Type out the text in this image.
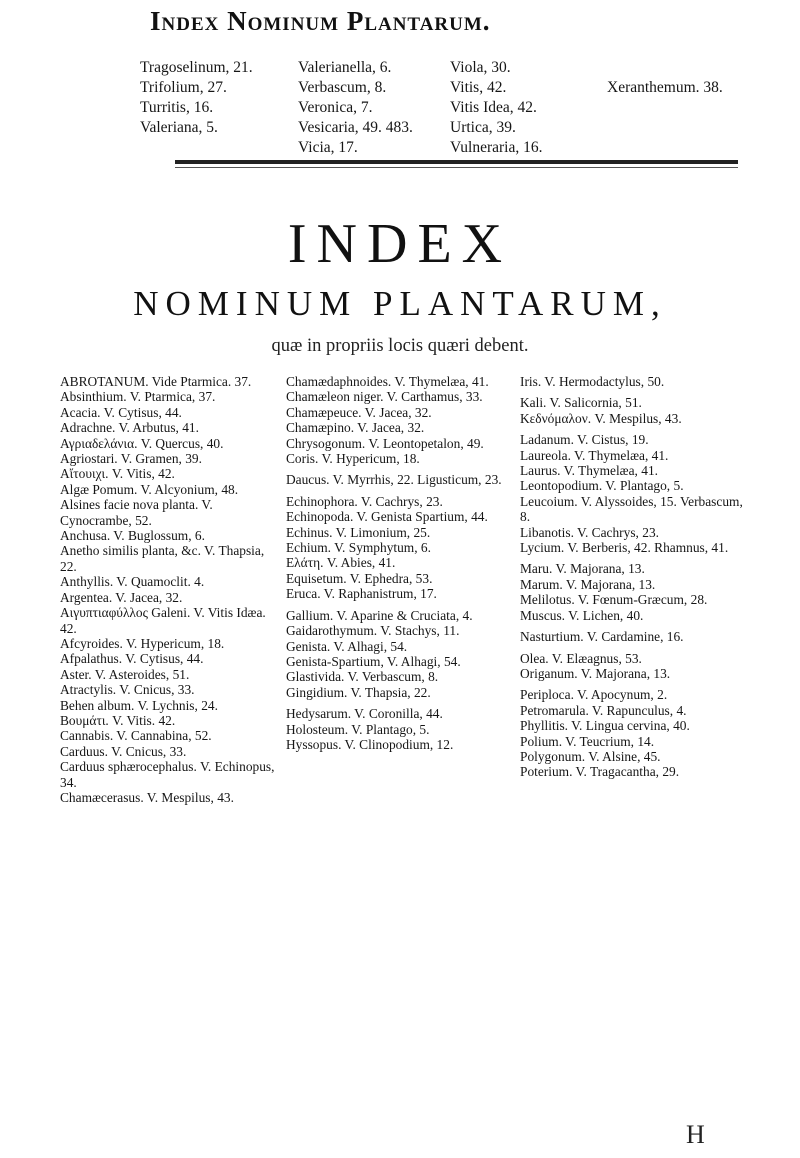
Index Nominum Plantarum.
Tragoselinum, 21.
Trifolium, 27.
Turritis, 16.
Valeriana, 5.
Valerianella, 6.
Verbascum, 8.
Veronica, 7.
Vesicaria, 49. 483.
Vicia, 17.
Viola, 30.
Vitis, 42.
Vitis Idea, 42.
Urtica, 39.
Vulneraria, 16.
Xeranthemum. 38.
INDEX
NOMINUM PLANTARUM,
quæ in propriis locis quæri debent.

ABROTANUM. Vide Ptarmica. 37.

Absinthium. V. Ptarmica, 37.

Acacia. V. Cytisus, 44.

Adrachne. V. Arbutus, 41.

Αγριαδελάνια. V. Quercus, 40.

Agriostari. V. Gramen, 39.

Αἴτουιχι. V. Vitis, 42.

Algæ Pomum. V. Alcyonium, 48.

Alsines facie nova planta. V. Cynocrambe, 52.

Anchusa. V. Buglossum, 6.

Anetho similis planta, &c. V. Thapsia, 22.

Anthyllis. V. Quamoclit. 4.

Argentea. V. Jacea, 32.

Αιγυπτιαφύλλος Galeni. V. Vitis Idæa. 42.

Afcyroides. V. Hypericum, 18.

Afpalathus. V. Cytisus, 44.

Aster. V. Asteroides, 51.

Atractylis. V. Cnicus, 33.

Behen album. V. Lychnis, 24.

Βουμάτι. V. Vitis. 42.

Cannabis. V. Cannabina, 52.

Carduus. V. Cnicus, 33.

Carduus sphærocephalus. V. Echinopus, 34.

Chamæcerasus. V. Mespilus, 43.

Chamædaphnoides. V. Thymelæa, 41.

Chamæleon niger. V. Carthamus, 33.

Chamæpeuce. V. Jacea, 32.

Chamæpino. V. Jacea, 32.

Chrysogonum. V. Leontopetalon, 49.

Coris. V. Hypericum, 18.

Daucus. V. Myrrhis, 22. Ligusticum, 23.

Echinophora. V. Cachrys, 23.

Echinopoda. V. Genista Spartium, 44.

Echinus. V. Limonium, 25.

Echium. V. Symphytum, 6.

Ελάτη. V. Abies, 41.

Equisetum. V. Ephedra, 53.

Eruca. V. Raphanistrum, 17.

Gallium. V. Aparine & Cruciata, 4.

Gaidarothymum. V. Stachys, 11.

Genista. V. Alhagi, 54.

Genista-Spartium, V. Alhagi, 54.

Glastivida. V. Verbascum, 8.

Gingidium. V. Thapsia, 22.

Hedysarum. V. Coronilla, 44.

Holosteum. V. Plantago, 5.

Hyssopus. V. Clinopodium, 12.

Iris. V. Hermodactylus, 50.

Kali. V. Salicornia, 51.

Κεδνόμαλον. V. Mespilus, 43.

Ladanum. V. Cistus, 19.

Laureola. V. Thymelæa, 41.

Laurus. V. Thymelæa, 41.

Leontopodium. V. Plantago, 5.

Leucoium. V. Alyssoides, 15. Verbascum, 8.

Libanotis. V. Cachrys, 23.

Lycium. V. Berberis, 42. Rhamnus, 41.

Maru. V. Majorana, 13.

Marum. V. Majorana, 13.

Melilotus. V. Fœnum-Græcum, 28.

Muscus. V. Lichen, 40.

Nasturtium. V. Cardamine, 16.

Olea. V. Elæagnus, 53.

Origanum. V. Majorana, 13.

Periploca. V. Apocynum, 2.

Petromarula. V. Rapunculus, 4.

Phyllitis. V. Lingua cervina, 40.

Polium. V. Teucrium, 14.

Polygonum. V. Alsine, 45.

Poterium. V. Tragacantha, 29.

H
